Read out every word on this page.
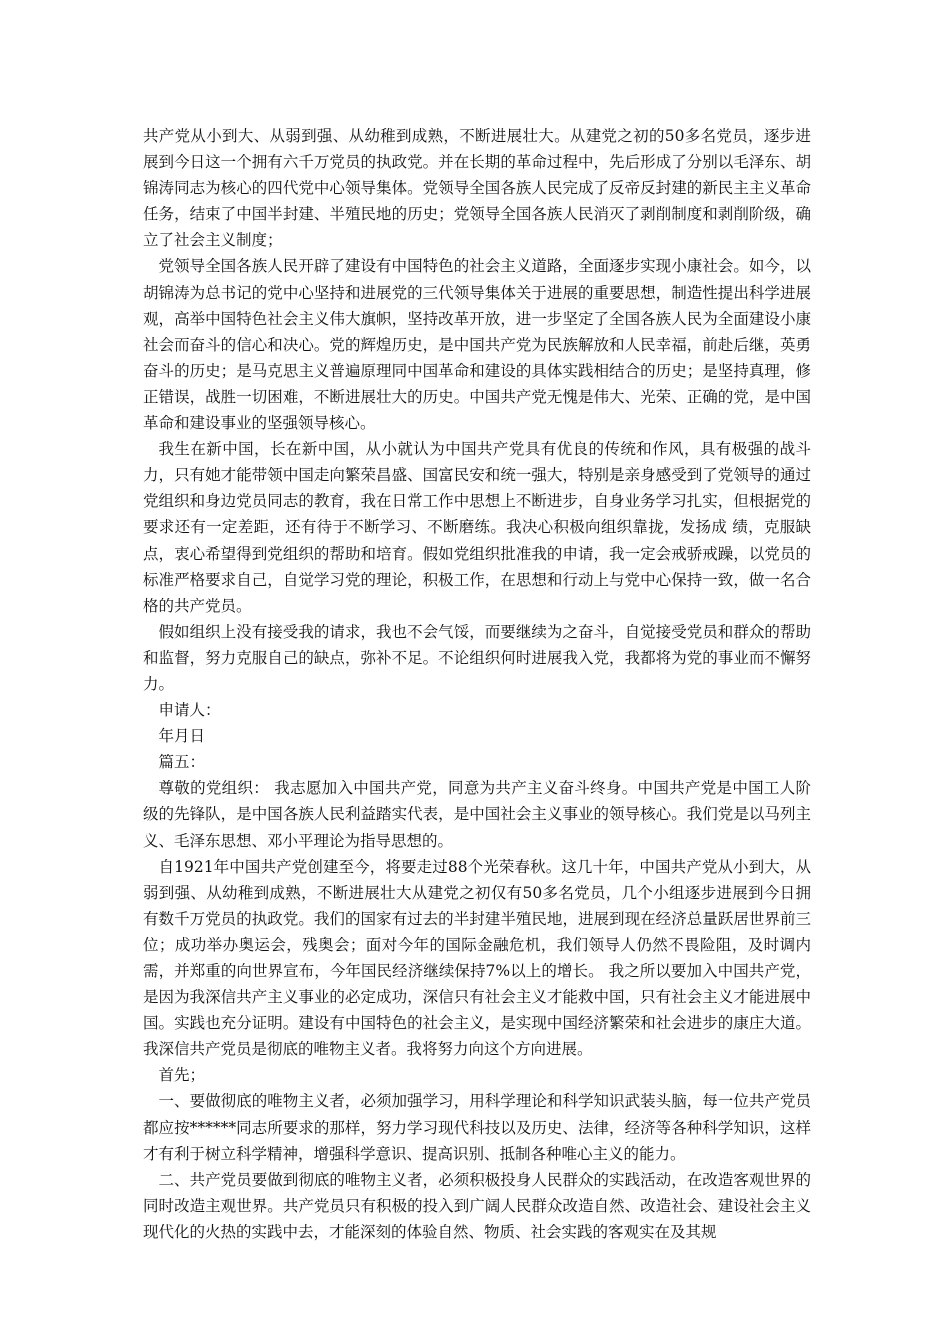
共产党从小到大、从弱到强、从幼稚到成熟，不断进展壮大。从建党之初的50多名党员，逐步进展到今日这一个拥有六千万党员的执政党。并在长期的革命过程中，先后形成了分别以毛泽东、胡锦涛同志为核心的四代党中心领导集体。党领导全国各族人民完成了反帝反封建的新民主主义革命任务，结束了中国半封建、半殖民地的历史；党领导全国各族人民消灭了剥削制度和剥削阶级，确立了社会主义制度；

党领导全国各族人民开辟了建设有中国特色的社会主义道路，全面逐步实现小康社会。如今，以胡锦涛为总书记的党中心坚持和进展党的三代领导集体关于进展的重要思想，制造性提出科学进展观，高举中国特色社会主义伟大旗帜，坚持改革开放，进一步坚定了全国各族人民为全面建设小康社会而奋斗的信心和决心。党的辉煌历史，是中国共产党为民族解放和人民幸福，前赴后继，英勇奋斗的历史；是马克思主义普遍原理同中国革命和建设的具体实践相结合的历史；是坚持真理，修正错误，战胜一切困难，不断进展壮大的历史。中国共产党无愧是伟大、光荣、正确的党，是中国革命和建设事业的坚强领导核心。

我生在新中国，长在新中国，从小就认为中国共产党具有优良的传统和作风，具有极强的战斗力，只有她才能带领中国走向繁荣昌盛、国富民安和统一强大，特别是亲身感受到了党领导的通过党组织和身边党员同志的教育，我在日常工作中思想上不断进步，自身业务学习扎实，但根据党的要求还有一定差距，还有待于不断学习、不断磨练。我决心积极向组织靠拢，发扬成 绩，克服缺点，衷心希望得到党组织的帮助和培育。假如党组织批准我的申请，我一定会戒骄戒躁，以党员的标准严格要求自己，自觉学习党的理论，积极工作，在思想和行动上与党中心保持一致，做一名合格的共产党员。

假如组织上没有接受我的请求，我也不会气馁，而要继续为之奋斗，自觉接受党员和群众的帮助和监督，努力克服自己的缺点，弥补不足。不论组织何时进展我入党，我都将为党的事业而不懈努力。

申请人：

年月日

篇五：

尊敬的党组织： 我志愿加入中国共产党，同意为共产主义奋斗终身。中国共产党是中国工人阶级的先锋队，是中国各族人民利益踏实代表，是中国社会主义事业的领导核心。我们党是以马列主义、毛泽东思想、邓小平理论为指导思想的。

自1921年中国共产党创建至今，将要走过88个光荣春秋。这几十年，中国共产党从小到大，从弱到强、从幼稚到成熟，不断进展壮大从建党之初仅有50多名党员，几个小组逐步进展到今日拥有数千万党员的执政党。我们的国家有过去的半封建半殖民地，进展到现在经济总量跃居世界前三位；成功举办奥运会，残奥会；面对今年的国际金融危机，我们领导人仍然不畏险阻，及时调内需，并郑重的向世界宣布，今年国民经济继续保持7%以上的增长。 我之所以要加入中国共产党，是因为我深信共产主义事业的必定成功，深信只有社会主义才能救中国，只有社会主义才能进展中国。实践也充分证明。建设有中国特色的社会主义，是实现中国经济繁荣和社会进步的康庄大道。我深信共产党员是彻底的唯物主义者。我将努力向这个方向进展。

首先；

一、要做彻底的唯物主义者，必须加强学习，用科学理论和科学知识武装头脑，每一位共产党员都应按******同志所要求的那样，努力学习现代科技以及历史、法律，经济等各种科学知识，这样才有利于树立科学精神，增强科学意识、提高识别、抵制各种唯心主义的能力。

二、共产党员要做到彻底的唯物主义者，必须积极投身人民群众的实践活动，在改造客观世界的同时改造主观世界。共产党员只有积极的投入到广阔人民群众改造自然、改造社会、建设社会主义现代化的火热的实践中去，才能深刻的体验自然、物质、社会实践的客观实在及其规
